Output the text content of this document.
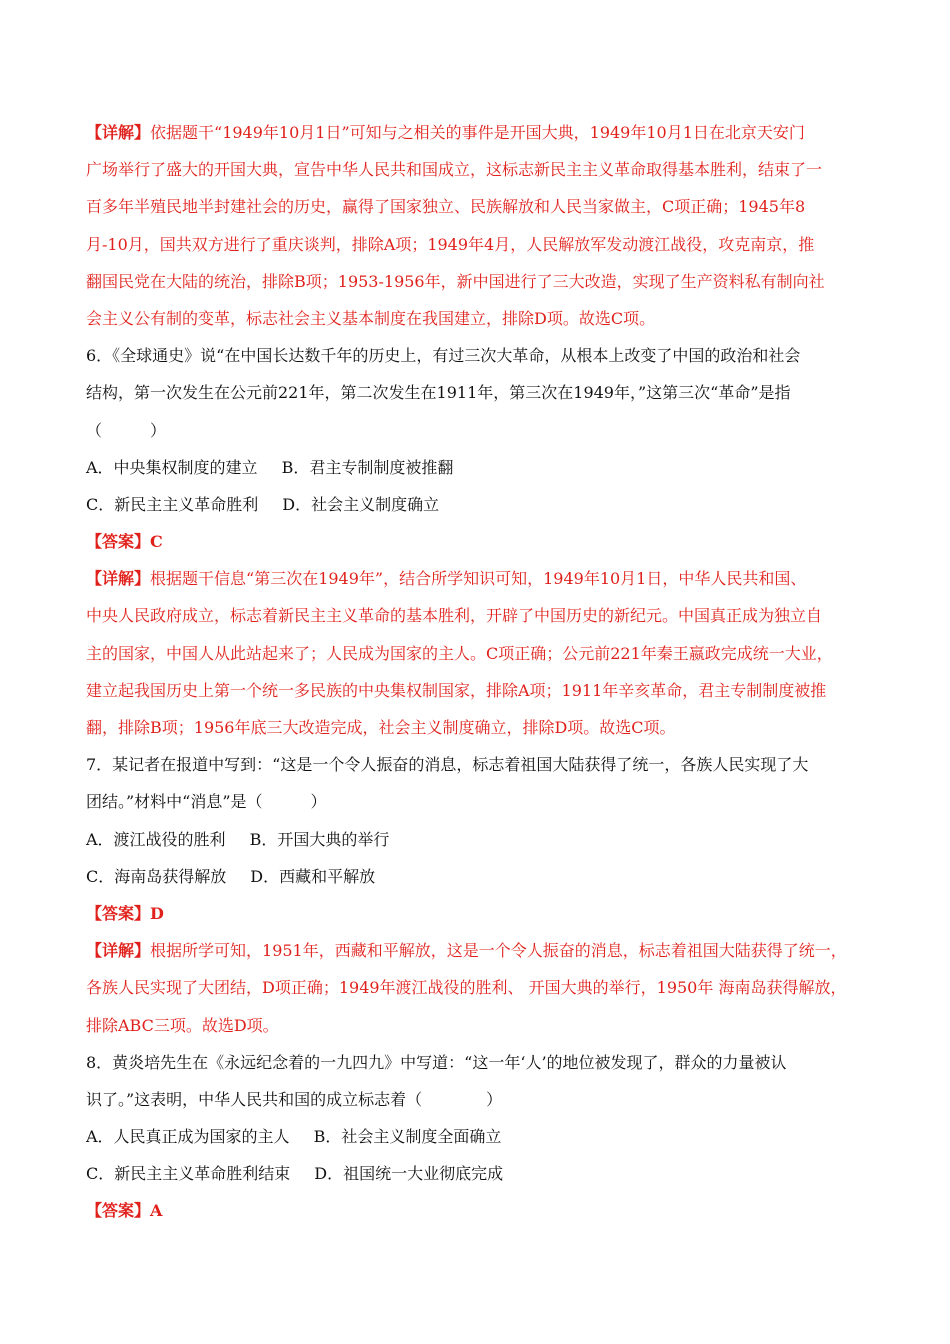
【详解】依据题干“1949年10月1日”可知与之相关的事件是开国大典，1949年10月1日在北京天安门
广场举行了盛大的开国大典，宣告中华人民共和国成立，这标志新民主主义革命取得基本胜利，结束了一
百多年半殖民地半封建社会的历史，赢得了国家独立、民族解放和人民当家做主，C项正确；1945年8
月-10月，国共双方进行了重庆谈判，排除A项；1949年4月，人民解放军发动渡江战役，攻克南京，推
翻国民党在大陆的统治，排除B项；1953-1956年，新中国进行了三大改造，实现了生产资料私有制向社
会主义公有制的变革，标志社会主义基本制度在我国建立，排除D项。故选C项。
6．《全球通史》说“在中国长达数千年的历史上，有过三次大革命，从根本上改变了中国的政治和社会
结构，第一次发生在公元前221年，第二次发生在1911年，第三次在1949年，”这第三次“革命”是指
（　　　）
A．中央集权制度的建立 B．君主专制制度被推翻
C．新民主主义革命胜利 D．社会主义制度确立
【答案】C
【详解】根据题干信息“第三次在1949年”，结合所学知识可知，1949年10月1日，中华人民共和国、
中央人民政府成立，标志着新民主主义革命的基本胜利，开辟了中国历史的新纪元。中国真正成为独立自
主的国家，中国人从此站起来了；人民成为国家的主人。C项正确；公元前221年秦王嬴政完成统一大业，
建立起我国历史上第一个统一多民族的中央集权制国家，排除A项；1911年辛亥革命，君主专制制度被推
翻，排除B项；1956年底三大改造完成，社会主义制度确立，排除D项。故选C项。
7．某记者在报道中写到：“这是一个令人振奋的消息，标志着祖国大陆获得了统一，各族人民实现了大
团结。”材料中“消息”是（　　　）
A．渡江战役的胜利 B．开国大典的举行
C．海南岛获得解放 D．西藏和平解放
【答案】D
【详解】根据所学可知，1951年，西藏和平解放，这是一个令人振奋的消息，标志着祖国大陆获得了统一，
各族人民实现了大团结，D项正确；1949年渡江战役的胜利、 开国大典的举行，1950年 海南岛获得解放，
排除ABC三项。故选D项。
8．黄炎培先生在《永远纪念着的一九四九》中写道：“这一年‘人’的地位被发现了，群众的力量被认
识了。”这表明，中华人民共和国的成立标志着（　　　　）
A．人民真正成为国家的主人 B．社会主义制度全面确立
C．新民主主义革命胜利结束 D．祖国统一大业彻底完成
【答案】A
